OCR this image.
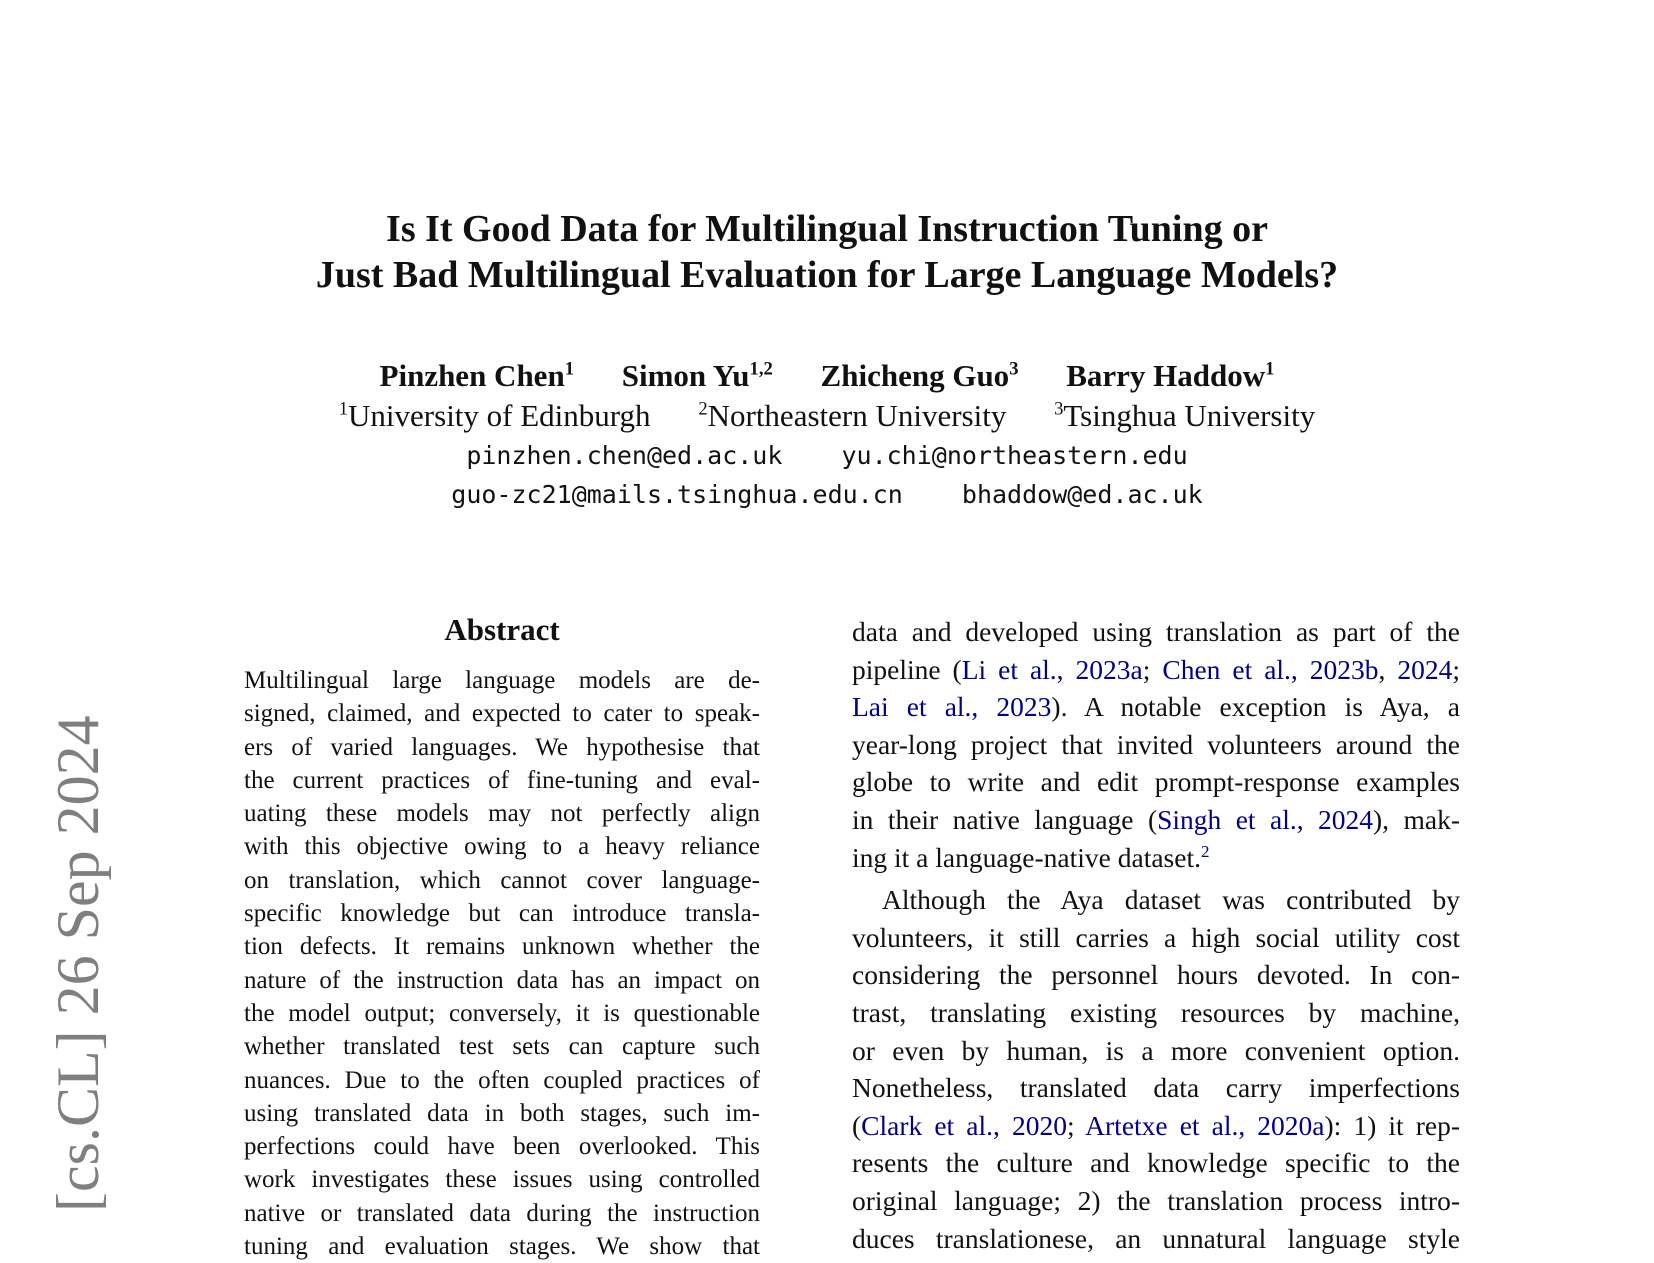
[cs.CL] 26 Sep 2024
Is It Good Data for Multilingual Instruction Tuning or
Just Bad Multilingual Evaluation for Large Language Models?
Pinzhen Chen$^1$ Simon Yu$^{1,2}$ Zhicheng Guo$^3$ Barry Haddow$^1$
$^1$University of Edinburgh	$^2$Northeastern University	$^3$Tsinghua University
pinzhen.chen@ed.ac.uk yu.chi@northeastern.edu
guo-zc21@mails.tsinghua.edu.cn bhaddow@ed.ac.uk
Abstract
Multilingual large language models are de-
signed, claimed, and expected to cater to speak-
ers of varied languages. We hypothesise that
the current practices of fine-tuning and eval-
uating these models may not perfectly align
with this objective owing to a heavy reliance
on translation, which cannot cover language-
specific knowledge but can introduce transla-
tion defects. It remains unknown whether the
nature of the instruction data has an impact on
the model output; conversely, it is questionable
whether translated test sets can capture such
nuances. Due to the often coupled practices of
using translated data in both stages, such im-
perfections could have been overlooked. This
work investigates these issues using controlled
native or translated data during the instruction
tuning and evaluation stages. We show that
data and developed using translation as part of the
pipeline (Li et al., 2023a; Chen et al., 2023b, 2024;
Lai et al., 2023). A notable exception is Aya, a
year-long project that invited volunteers around the
globe to write and edit prompt-response examples
in their native language (Singh et al., 2024), mak-
ing it a language-native dataset.$^2$
Although the Aya dataset was contributed by
volunteers, it still carries a high social utility cost
considering the personnel hours devoted. In con-
trast, translating existing resources by machine,
or even by human, is a more convenient option.
Nonetheless, translated data carry imperfections
(Clark et al., 2020; Artetxe et al., 2020a): 1) it rep-
resents the culture and knowledge specific to the
original language; 2) the translation process intro-
duces translationese, an unnatural language style
